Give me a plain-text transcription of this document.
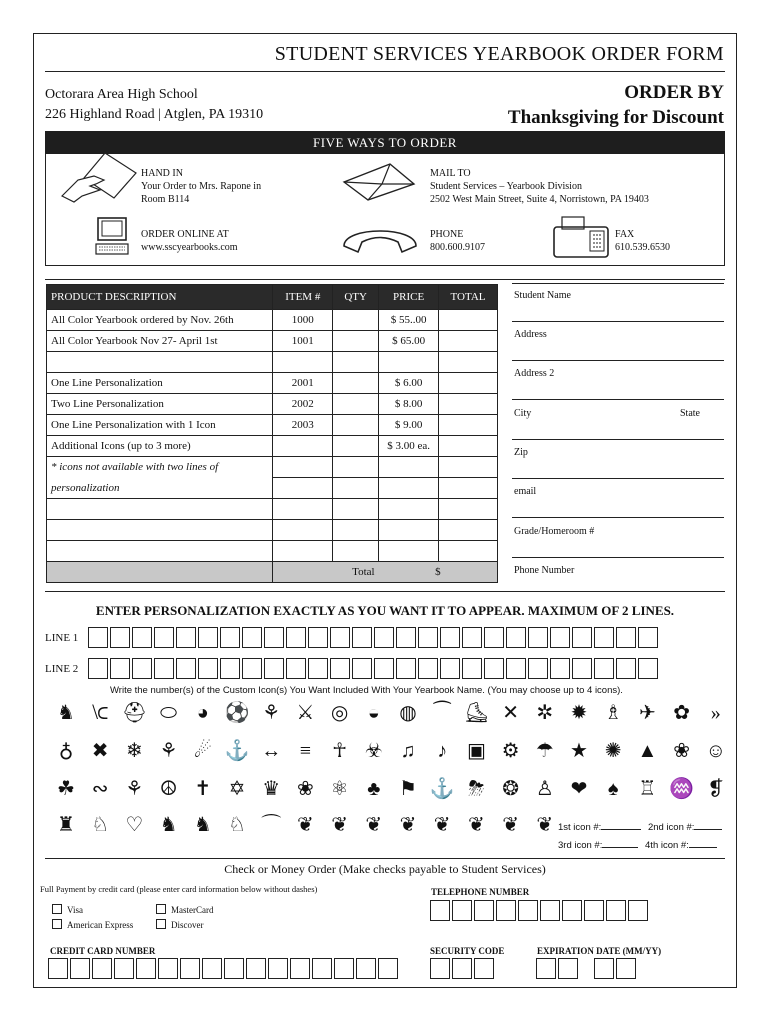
STUDENT SERVICES YEARBOOK ORDER FORM
Octorara Area High School
226 Highland Road | Atglen, PA 19310
ORDER BY
Thanksgiving for Discount
FIVE WAYS TO ORDER
HAND IN
Your Order to Mrs. Rapone in
Room B114
MAIL TO
Student Services – Yearbook Division
2502 West Main Street, Suite 4, Norristown, PA 19403
ORDER ONLINE AT
www.sscyearbooks.com
PHONE
800.600.9107
FAX
610.539.6530
PRODUCT DESCRIPTION	ITEM #	QTY	PRICE	TOTAL
All Color Yearbook ordered by Nov. 26th	1000		$ 55..00	
All Color Yearbook Nov 27- April 1st	1001		$ 65.00	

One Line Personalization	2001		$ 6.00	
Two Line Personalization	2002		$ 8.00	
One Line Personalization with 1 Icon	2003		$ 9.00	
Additional Icons (up to 3 more)			$ 3.00 ea.	
* icons not available with two lines of				
personalization				

	Total		$	
Student Name
Address
Address 2
City	State
Zip
email
Grade/Homeroom #
Phone Number
ENTER PERSONALIZATION EXACTLY AS YOU WANT IT TO APPEAR. MAXIMUM OF 2 LINES.
LINE 1
LINE 2
Write the number(s) of the Custom Icon(s) You Want Included With Your Yearbook Name. (You may choose up to 4 icons).
♞ ⟈ ⛑ ⬭ ◕ ⚽ ⚘ ⚔ ◎ ◒ ◍ ⁀ ⛸ ✕ ✲ ✹ ♗ ✈ ✿	»
♁ ✖ ❄ ⚘ ☄ ⚓ ↔ ≡	☥ ☣ ♫	♪ ▣ ⚙ ☂ ★ ✺ ▲ ❀ ☺
☘ ∾ ⚘ ☮ ✝ ✡ ♛ ❀ ⚛ ♣ ⚑ ⚓ ⛈ ❂ ♙ ❤	♠ ♖ ♒ ❡
♜ ♘ ♡ ♞ ♞ ♘ ⌒ ❦ ❦ ❦ ❦ ❦ ❦ ❦ ❦ 1st icon #:	2nd icon #:
3rd icon #:	4th icon #:
Check or Money Order (Make checks payable to Student Services)
Full Payment by credit card (please enter card information below without dashes)
Visa	MasterCard
American Express	Discover
TELEPHONE NUMBER
CREDIT CARD NUMBER	SECURITY CODE	EXPIRATION DATE (MM/YY)
